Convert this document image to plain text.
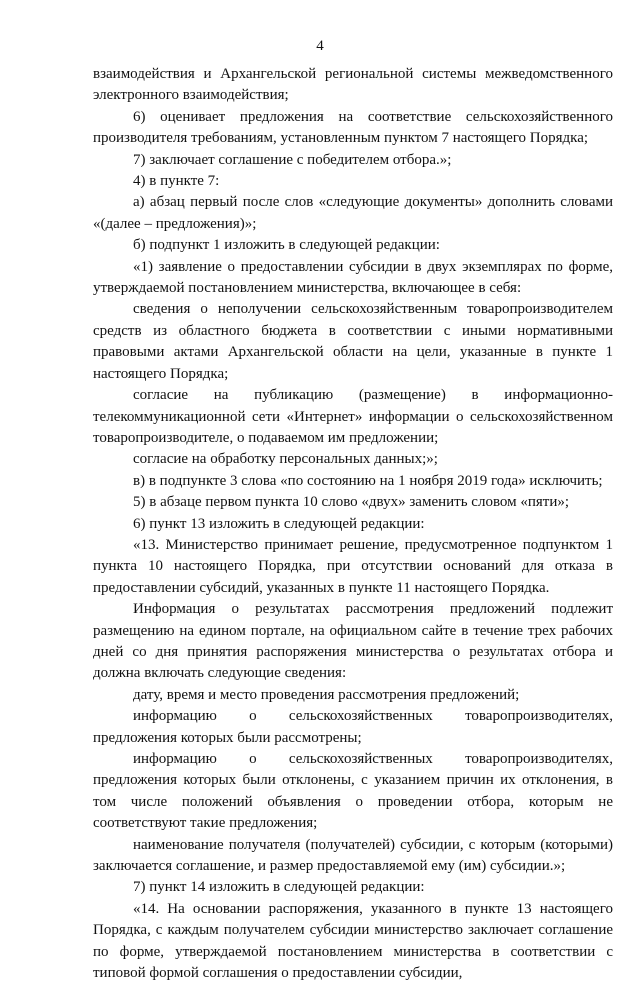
4

взаимодействия и Архангельской региональной системы межведомственного электронного взаимодействия;

6) оценивает предложения на соответствие сельскохозяйственного производителя требованиям, установленным пунктом 7 настоящего Порядка;

7) заключает соглашение с победителем отбора.»;

4) в пункте 7:

а) абзац первый после слов «следующие документы» дополнить словами «(далее – предложения)»;

б) подпункт 1 изложить в следующей редакции:

«1) заявление о предоставлении субсидии в двух экземплярах по форме, утверждаемой постановлением министерства, включающее в себя:

сведения о неполучении сельскохозяйственным товаропроизводителем средств из областного бюджета в соответствии с иными нормативными правовыми актами Архангельской области на цели, указанные в пункте 1 настоящего Порядка;

согласие на публикацию (размещение) в информационно-телекоммуникационной сети «Интернет» информации о сельскохозяйственном товаропроизводителе, о подаваемом им предложении;

согласие на обработку персональных данных;»;

в) в подпункте 3 слова «по состоянию на 1 ноября 2019 года» исключить;

5) в абзаце первом пункта 10 слово «двух» заменить словом «пяти»;

6) пункт 13 изложить в следующей редакции:

«13. Министерство принимает решение, предусмотренное подпунктом 1 пункта 10 настоящего Порядка, при отсутствии оснований для отказа в предоставлении субсидий, указанных в пункте 11 настоящего Порядка.

Информация о результатах рассмотрения предложений подлежит размещению на едином портале, на официальном сайте в течение трех рабочих дней со дня принятия распоряжения министерства о результатах отбора и должна включать следующие сведения:

дату, время и место проведения рассмотрения предложений;

информацию о сельскохозяйственных товаропроизводителях, предложения которых были рассмотрены;

информацию о сельскохозяйственных товаропроизводителях, предложения которых были отклонены, с указанием причин их отклонения, в том числе положений объявления о проведении отбора, которым не соответствуют такие предложения;

наименование получателя (получателей) субсидии, с которым (которыми) заключается соглашение, и размер предоставляемой ему (им) субсидии.»;

7) пункт 14 изложить в следующей редакции:

«14. На основании распоряжения, указанного в пункте 13 настоящего Порядка, с каждым получателем субсидии министерство заключает соглашение по форме, утверждаемой постановлением министерства в соответствии с типовой формой соглашения о предоставлении субсидии,
